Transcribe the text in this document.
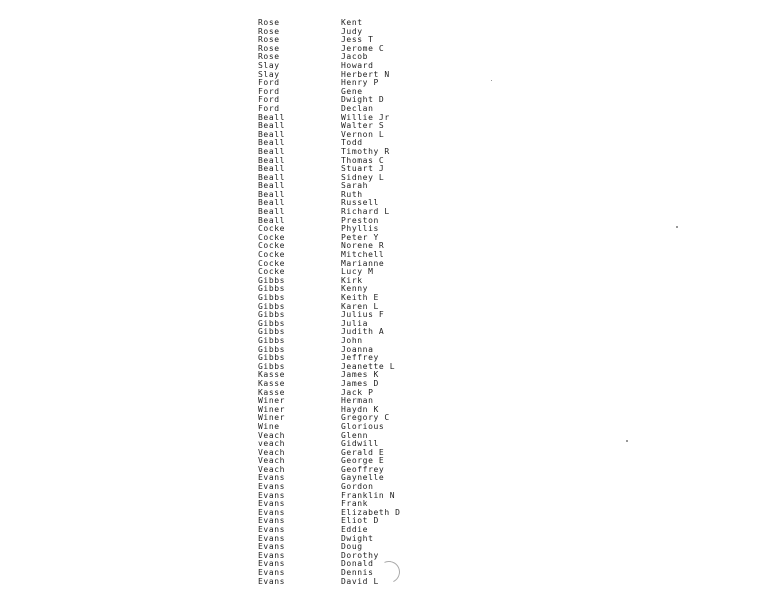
Rose	Kent
Rose	Judy
Rose	Jess T
Rose	Jerome C
Rose	Jacob
Slay	Howard
Slay	Herbert N
Ford	Henry P
Ford	Gene
Ford	Dwight D
Ford	Declan
Beall	Willie Jr
Beall	Walter S
Beall	Vernon L
Beall	Todd
Beall	Timothy R
Beall	Thomas C
Beall	Stuart J
Beall	Sidney L
Beall	Sarah
Beall	Ruth
Beall	Russell
Beall	Richard L
Beall	Preston
Cocke	Phyllis
Cocke	Peter Y
Cocke	Norene R
Cocke	Mitchell
Cocke	Marianne
Cocke	Lucy M
Gibbs	Kirk
Gibbs	Kenny
Gibbs	Keith E
Gibbs	Karen L
Gibbs	Julius F
Gibbs	Julia
Gibbs	Judith A
Gibbs	John
Gibbs	Joanna
Gibbs	Jeffrey
Gibbs	Jeanette L
Kasse	James K
Kasse	James D
Kasse	Jack P
Winer	Herman
Winer	Haydn K
Winer	Gregory C
Wine	Glorious
Veach	Glenn
veach	Gidwill
Veach	Gerald E
Veach	George E
Veach	Geoffrey
Evans	Gaynelle
Evans	Gordon
Evans	Franklin N
Evans	Frank
Evans	Elizabeth D
Evans	Eliot D
Evans	Eddie
Evans	Dwight
Evans	Doug
Evans	Dorothy
Evans	Donald
Evans	Dennis
Evans	David L
